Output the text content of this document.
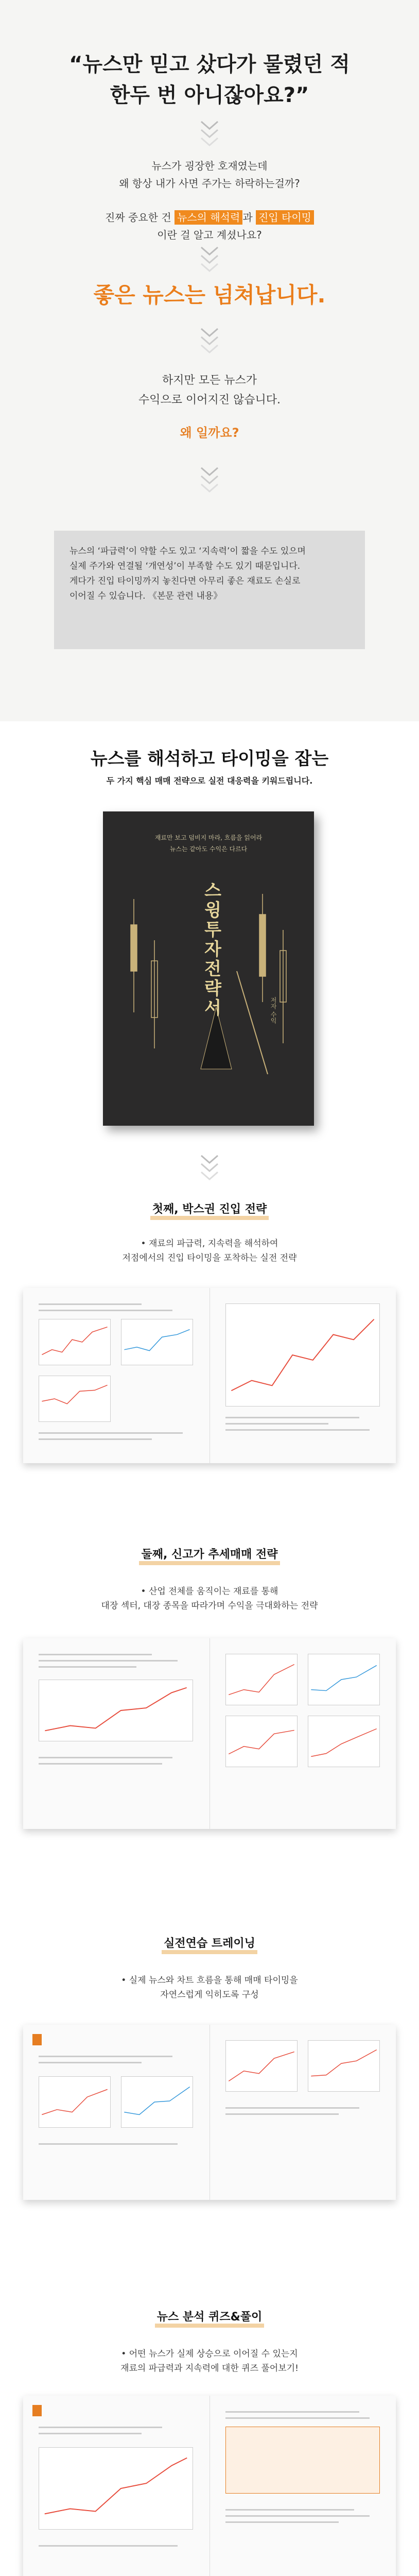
“뉴스만 믿고 샀다가 물렸던 적
한두 번 아니잖아요?”
뉴스가 굉장한 호재였는데
왜 항상 내가 사면 주가는 하락하는걸까?
진짜 중요한 건 뉴스의 해석력 과 진입 타이밍
이란 걸 알고 계셨나요?
좋은 뉴스는 넘쳐납니다.
하지만 모든 뉴스가
수익으로 이어지진 않습니다.
왜 일까요?
뉴스의 ‘파급력’이 약할 수도 있고 ‘지속력’이 짧을 수도 있으며
실제 주가와 연결될 ‘개연성’이 부족할 수도 있기 때문입니다.
게다가 진입 타이밍까지 놓친다면 아무리 좋은 재료도 손실로
이어질 수 있습니다. 《본문 관련 내용》
뉴스를 해석하고 타이밍을 잡는
두 가지 핵심 매매 전략으로 실전 대응력을 키워드립니다.
재료만 보고 덤비지 마라, 흐름을 읽어라
뉴스는 같아도 수익은 다르다
스윙투자전략서	저자 수익
첫째, 박스권 진입 전략
• 재료의 파급력, 지속력을 해석하여
저점에서의 진입 타이밍을 포착하는 실전 전략
둘째, 신고가 추세매매 전략
• 산업 전체를 움직이는 재료를 통해
대장 섹터, 대장 종목을 따라가며 수익을 극대화하는 전략
실전연습 트레이닝
• 실제 뉴스와 차트 흐름을 통해 매매 타이밍을
자연스럽게 익히도록 구성
뉴스 분석 퀴즈&풀이
• 어떤 뉴스가 실제 상승으로 이어질 수 있는지
재료의 파급력과 지속력에 대한 퀴즈 풀어보기!
